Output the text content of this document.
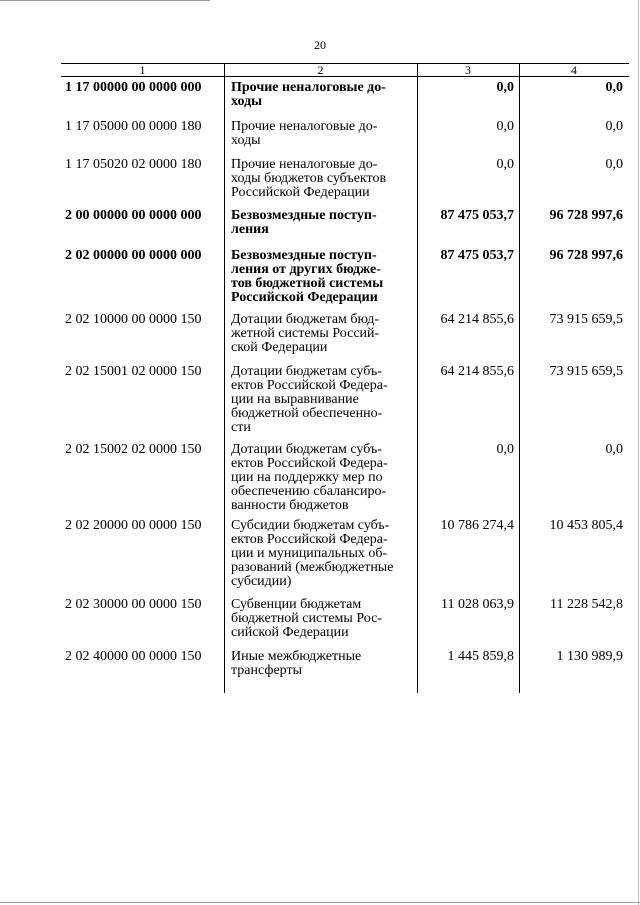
20
1	2	3	4
1 17 00000 00 0000 000 Прочие неналоговые до-
ходы
0,0	0,0
1 17 05000 00 0000 180 Прочие неналоговые до-
ходы
0,0	0,0
1 17 05020 02 0000 180 Прочие неналоговые до-
ходы бюджетов субъектов
Российской Федерации
0,0	0,0
2 00 00000 00 0000 000 Безвозмездные поступ-
ления
87 475 053,7	96 728 997,6
2 02 00000 00 0000 000 Безвозмездные поступ-
ления от других бюдже-
тов бюджетной системы
Российской Федерации
87 475 053,7	96 728 997,6
2 02 10000 00 0000 150 Дотации бюджетам бюд-
жетной системы Россий-
ской Федерации
64 214 855,6	73 915 659,5
2 02 15001 02 0000 150 Дотации бюджетам субъ-
ектов Российской Федера-
ции на выравнивание
бюджетной обеспеченно-
сти
64 214 855,6	73 915 659,5
2 02 15002 02 0000 150 Дотации бюджетам субъ-
ектов Российской Федера-
ции на поддержку мер по
обеспечению сбалансиро-
ванности бюджетов
0,0	0,0
2 02 20000 00 0000 150 Субсидии бюджетам субъ-
ектов Российской Федера-
ции и муниципальных об-
разований (межбюджетные
субсидии)
10 786 274,4	10 453 805,4
2 02 30000 00 0000 150 Субвенции бюджетам
бюджетной системы Рос-
сийской Федерации
11 028 063,9	11 228 542,8
2 02 40000 00 0000 150 Иные межбюджетные
трансферты
1 445 859,8	1 130 989,9
